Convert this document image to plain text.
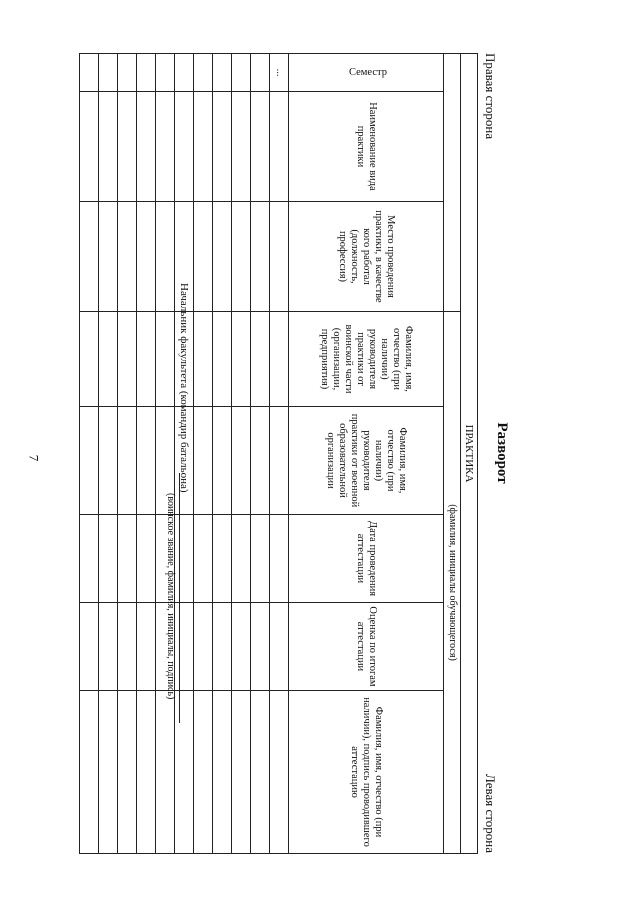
7	Разворот
Левая сторона
Правая сторона
ПРАКТИКА							
			(фамилия, инициалы обучающегося)				
Семестр	Наименование вида практики	Место проведения практики, в качестве кого работал (должность, профессия)	Фамилия, имя, отчество (при наличии) руководителя практики от воинской части (организации, предприятия)	Фамилия, имя, отчество (при наличии) руководителя практики от военной образовательной организации	Дата проведения аттестации	Оценка по итогам аттестации	Фамилия, имя, отчество (при наличии), подпись проводившего аттестацию
...							

Начальник факультета (командир батальона)
(воинское звание, фамилия, инициалы, подпись)
